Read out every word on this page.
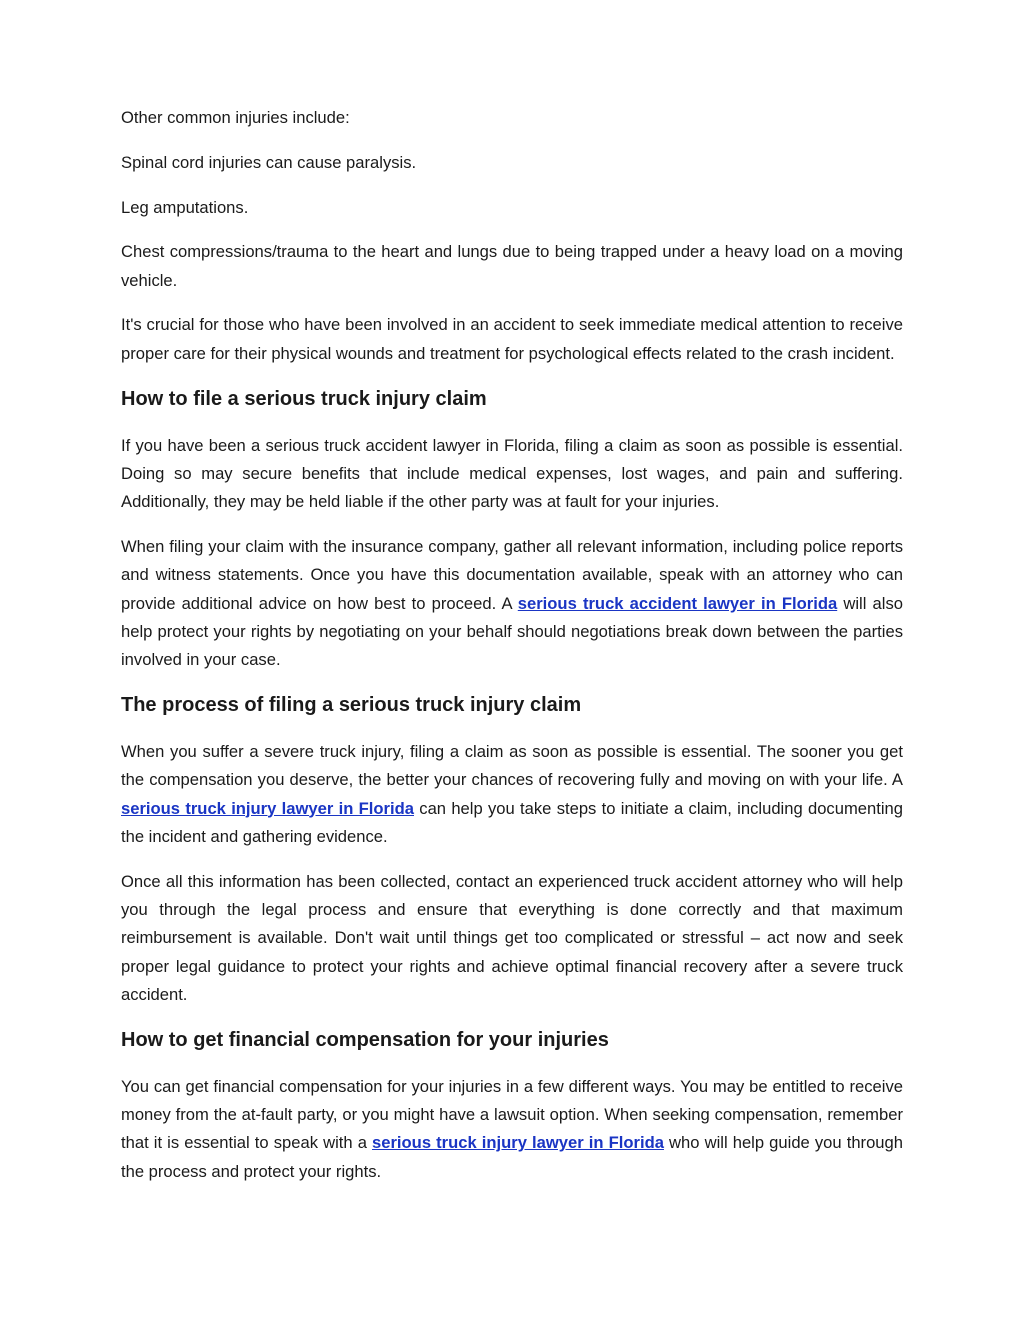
Other common injuries include:

Spinal cord injuries can cause paralysis.

Leg amputations.

Chest compressions/trauma to the heart and lungs due to being trapped under a heavy load on a moving vehicle.

It's crucial for those who have been involved in an accident to seek immediate medical attention to receive proper care for their physical wounds and treatment for psychological effects related to the crash incident.

How to file a serious truck injury claim

If you have been a serious truck accident lawyer in Florida, filing a claim as soon as possible is essential. Doing so may secure benefits that include medical expenses, lost wages, and pain and suffering. Additionally, they may be held liable if the other party was at fault for your injuries.

When filing your claim with the insurance company, gather all relevant information, including police reports and witness statements. Once you have this documentation available, speak with an attorney who can provide additional advice on how best to proceed. A serious truck accident lawyer in Florida will also help protect your rights by negotiating on your behalf should negotiations break down between the parties involved in your case.

The process of filing a serious truck injury claim

When you suffer a severe truck injury, filing a claim as soon as possible is essential. The sooner you get the compensation you deserve, the better your chances of recovering fully and moving on with your life. A serious truck injury lawyer in Florida can help you take steps to initiate a claim, including documenting the incident and gathering evidence.

Once all this information has been collected, contact an experienced truck accident attorney who will help you through the legal process and ensure that everything is done correctly and that maximum reimbursement is available. Don't wait until things get too complicated or stressful – act now and seek proper legal guidance to protect your rights and achieve optimal financial recovery after a severe truck accident.

How to get financial compensation for your injuries

You can get financial compensation for your injuries in a few different ways. You may be entitled to receive money from the at-fault party, or you might have a lawsuit option. When seeking compensation, remember that it is essential to speak with a serious truck injury lawyer in Florida who will help guide you through the process and protect your rights.
